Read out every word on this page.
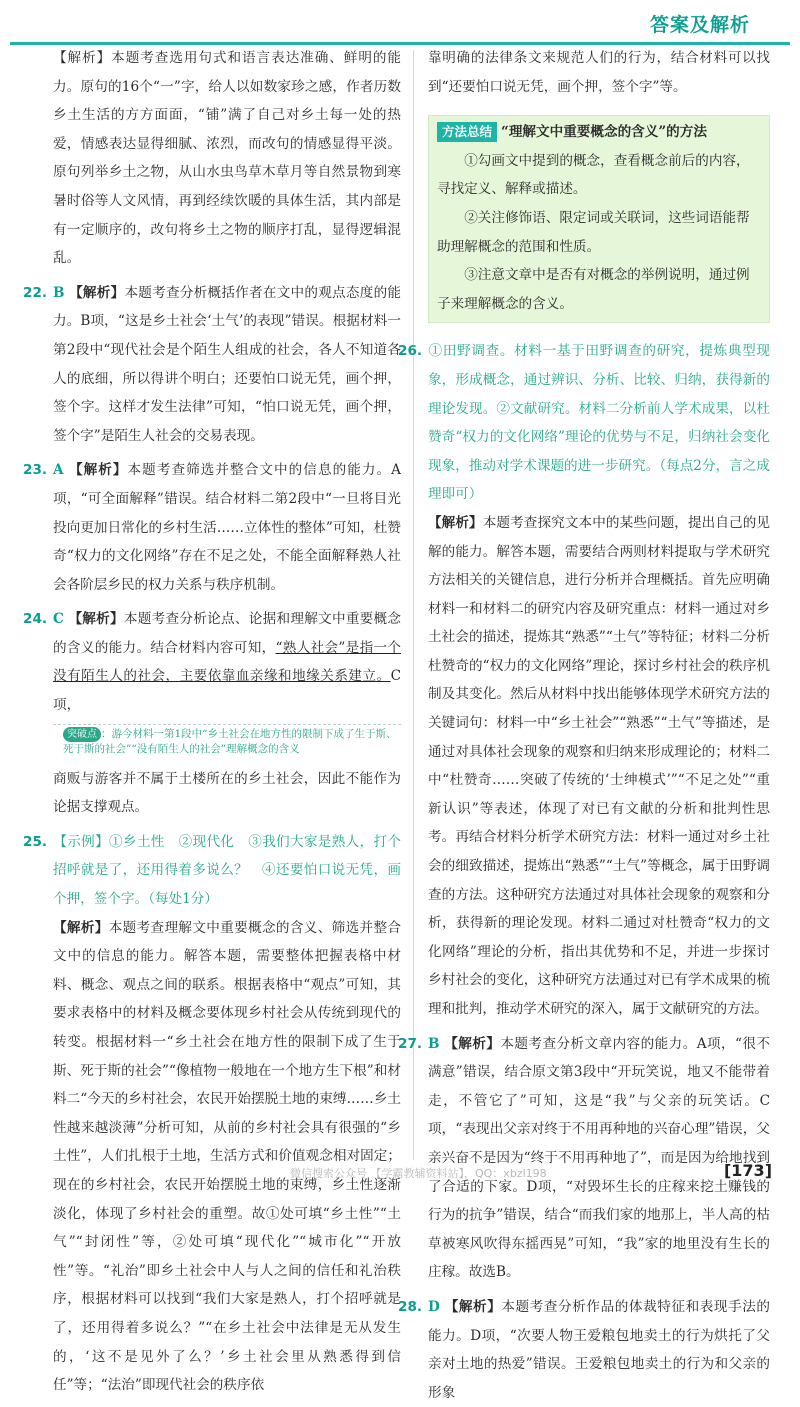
答案及解析

【解析】本题考查选用句式和语言表达准确、鲜明的能力。原句的16个“一”字，给人以如数家珍之感，作者历数乡土生活的方方面面，“铺”满了自己对乡土每一处的热爱，情感表达显得细腻、浓烈，而改句的情感显得平淡。原句列举乡土之物，从山水虫鸟草木草月等自然景物到寒暑时俗等人文风情，再到经续饮暖的具体生活，其内部是有一定顺序的，改句将乡土之物的顺序打乱，显得逻辑混乱。

22. B 【解析】本题考查分析概括作者在文中的观点态度的能力。B项，“这是乡土社会‘土气’的表现”错误。根据材料一第2段中“现代社会是个陌生人组成的社会，各人不知道各人的底细，所以得讲个明白；还要怕口说无凭，画个押，签个字。这样才发生法律”可知，“怕口说无凭，画个押，签个字”是陌生人社会的交易表现。

23. A 【解析】本题考查筛选并整合文中的信息的能力。A项，“可全面解释”错误。结合材料二第2段中“一旦将目光投向更加日常化的乡村生活……立体性的整体”可知，杜赞奇“权力的文化网络”存在不足之处，不能全面解释熟人社会各阶层乡民的权力关系与秩序机制。

24. C 【解析】本题考查分析论点、论据和理解文中重要概念的含义的能力。结合材料内容可知，“熟人社会”是指一个没有陌生人的社会，主要依靠血亲缘和地缘关系建立。C项，

突破点 ：游今材料一第1段中“乡土社会在地方性的限制下成了生于斯、死于斯的社会”“没有陌生人的社会”理解概念的含义

商贩与游客并不属于土楼所在的乡土社会，因此不能作为论据支撑观点。

25. 【示例】①乡土性　②现代化　③我们大家是熟人，打个招呼就是了，还用得着多说么？　④还要怕口说无凭，画个押，签个字。（每处1分）

【解析】本题考查理解文中重要概念的含义、筛选并整合文中的信息的能力。解答本题，需要整体把握表格中材料、概念、观点之间的联系。根据表格中“观点”可知，其要求表格中的材料及概念要体现乡村社会从传统到现代的转变。根据材料一“乡土社会在地方性的限制下成了生于斯、死于斯的社会”“像植物一般地在一个地方生下根”和材料二“今天的乡村社会，农民开始摆脱土地的束缚……乡土性越来越淡薄”分析可知，从前的乡村社会具有很强的“乡土性”，人们扎根于土地，生活方式和价值观念相对固定；现在的乡村社会，农民开始摆脱土地的束缚，乡土性逐渐淡化，体现了乡村社会的重塑。故①处可填“乡土性”“土气”“封闭性”等，②处可填“现代化”“城市化”“开放性”等。“礼治”即乡土社会中人与人之间的信任和礼治秩序，根据材料可以找到“我们大家是熟人，打个招呼就是了，还用得着多说么？”“在乡土社会中法律是无从发生的，‘这不是见外了么？’乡土社会里从熟悉得到信任”等；“法治”即现代社会的秩序依

靠明确的法律条文来规范人们的行为，结合材料可以找到“还要怕口说无凭，画个押，签个字”等。

方法总结 “理解文中重要概念的含义”的方法

①勾画文中提到的概念，查看概念前后的内容，寻找定义、解释或描述。

②关注修饰语、限定词或关联词，这些词语能帮助理解概念的范围和性质。

③注意文章中是否有对概念的举例说明，通过例子来理解概念的含义。

26. ①田野调查。材料一基于田野调查的研究，提炼典型现象，形成概念，通过辨识、分析、比较、归纳，获得新的理论发现。②文献研究。材料二分析前人学术成果，以杜赞奇“权力的文化网络”理论的优势与不足，归纳社会变化现象，推动对学术课题的进一步研究。（每点2分，言之成理即可）

【解析】本题考查探究文本中的某些问题，提出自己的见解的能力。解答本题，需要结合两则材料提取与学术研究方法相关的关键信息，进行分析并合理概括。首先应明确材料一和材料二的研究内容及研究重点：材料一通过对乡土社会的描述，提炼其“熟悉”“土气”等特征；材料二分析杜赞奇的“权力的文化网络”理论，探讨乡村社会的秩序机制及其变化。然后从材料中找出能够体现学术研究方法的关键词句：材料一中“乡土社会”“熟悉”“土气”等描述，是通过对具体社会现象的观察和归纳来形成理论的；材料二中“杜赞奇……突破了传统的‘士绅模式’”“不足之处”“重新认识”等表述，体现了对已有文献的分析和批判性思考。再结合材料分析学术研究方法：材料一通过对乡土社会的细致描述，提炼出“熟悉”“土气”等概念，属于田野调查的方法。这种研究方法通过对具体社会现象的观察和分析，获得新的理论发现。材料二通过对杜赞奇“权力的文化网络”理论的分析，指出其优势和不足，并进一步探讨乡村社会的变化，这种研究方法通过对已有学术成果的梳理和批判，推动学术研究的深入，属于文献研究的方法。

27. B 【解析】本题考查分析文章内容的能力。A项，“很不满意”错误，结合原文第3段中“开玩笑说，地又不能带着走，不管它了”可知，这是“我”与父亲的玩笑话。C项，“表现出父亲对终于不用再种地的兴奋心理”错误，父亲兴奋不是因为“终于不用再种地了”，而是因为给地找到了合适的下家。D项，“对毁坏生长的庄稼来挖土赚钱的行为的抗争”错误，结合“而我们家的地那上，半人高的枯草被寒风吹得东摇西晃”可知，“我”家的地里没有生长的庄稼。故选B。

28. D 【解析】本题考查分析作品的体裁特征和表现手法的能力。D项，“次要人物王爱粮包地卖土的行为烘托了父亲对土地的热爱”错误。王爱粮包地卖土的行为和父亲的形象

微信搜索公众号 【学霸教辅资料站】，QQ：xbzl198	[173]
